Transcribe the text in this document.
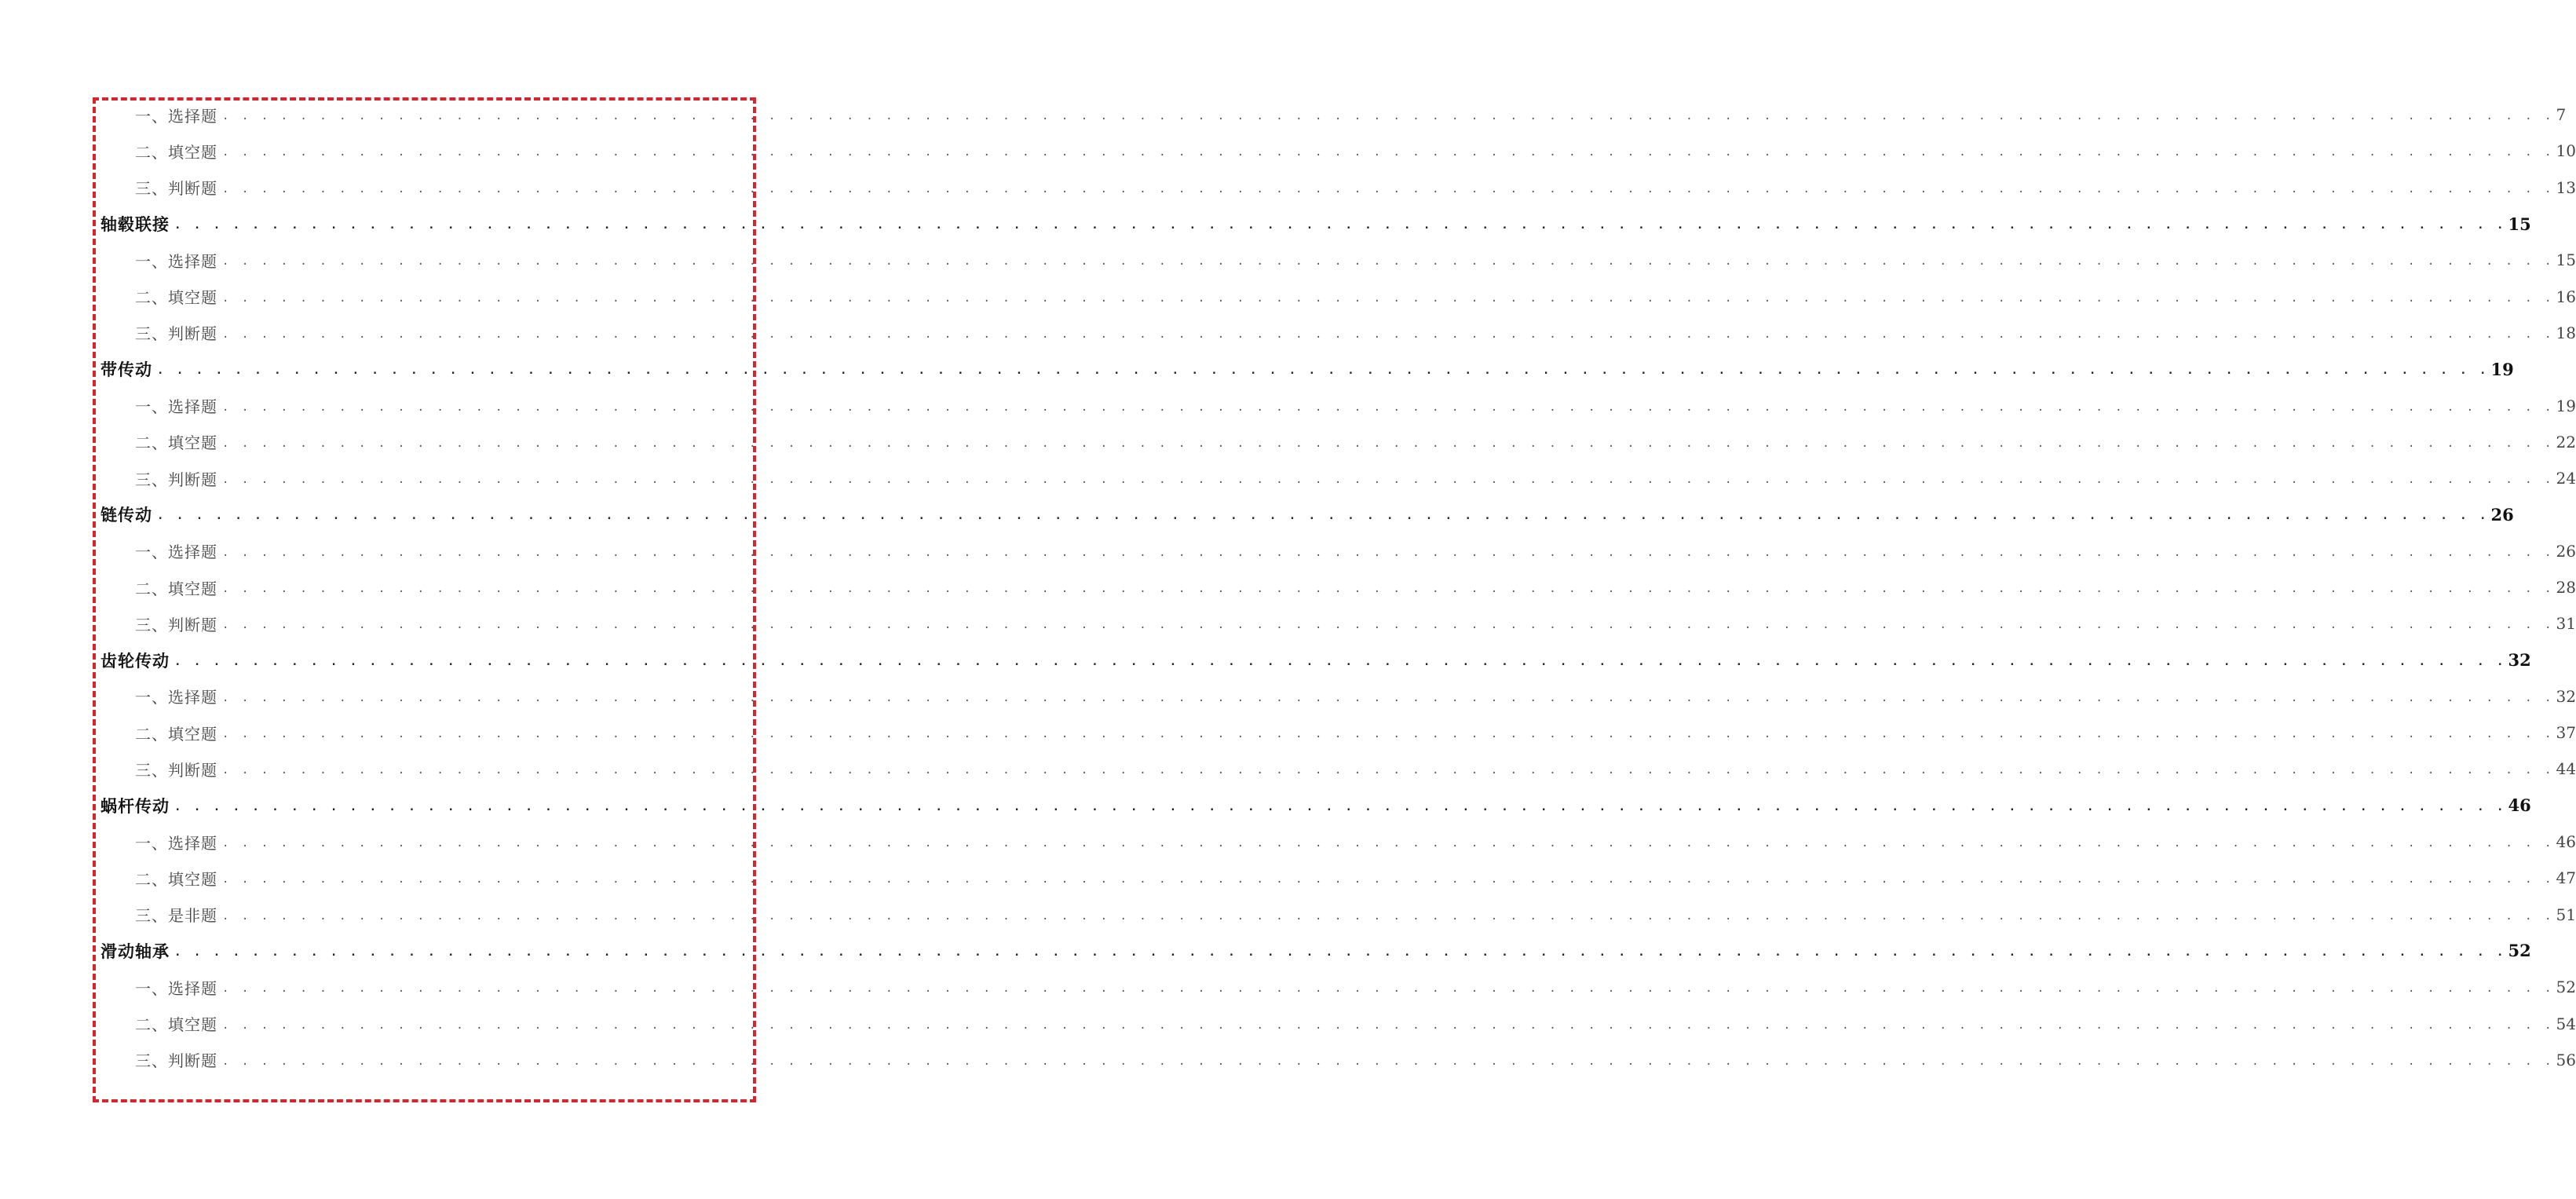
一、选择题 . . . . . . . . . . . . . . . . . . . . . . . . . . . . . . . . . . . . . . . . . . . . . . . . . . . . . . . . . . . . . . . . . . . . . . . . . . . . . . . . . . . . . . . . . . . . . . . . . . . . . . . . . . . . . . . . . . . . . . . . 7
二、填空题 . . . . . . . . . . . . . . . . . . . . . . . . . . . . . . . . . . . . . . . . . . . . . . . . . . . . . . . . . . . . . . . . . . . . . . . . . . . . . . . . . . . . . . . . . . . . . . . . . . . . . . . . . . . . . . . . . . . . . . . . 10
三、判断题 . . . . . . . . . . . . . . . . . . . . . . . . . . . . . . . . . . . . . . . . . . . . . . . . . . . . . . . . . . . . . . . . . . . . . . . . . . . . . . . . . . . . . . . . . . . . . . . . . . . . . . . . . . . . . . . . . . . . . . . . 13
轴毂联接 . . . . . . . . . . . . . . . . . . . . . . . . . . . . . . . . . . . . . . . . . . . . . . . . . . . . . . . . . . . . . . . . . . . . . . . . . . . . . . . . . . . . . . . . . . . . . . . . . . . . . . . . . . . . . . . . . . . . . . . . 15
一、选择题 . . . . . . . . . . . . . . . . . . . . . . . . . . . . . . . . . . . . . . . . . . . . . . . . . . . . . . . . . . . . . . . . . . . . . . . . . . . . . . . . . . . . . . . . . . . . . . . . . . . . . . . . . . . . . . . . . . . . . . . . 15
二、填空题 . . . . . . . . . . . . . . . . . . . . . . . . . . . . . . . . . . . . . . . . . . . . . . . . . . . . . . . . . . . . . . . . . . . . . . . . . . . . . . . . . . . . . . . . . . . . . . . . . . . . . . . . . . . . . . . . . . . . . . . . 16
三、判断题 . . . . . . . . . . . . . . . . . . . . . . . . . . . . . . . . . . . . . . . . . . . . . . . . . . . . . . . . . . . . . . . . . . . . . . . . . . . . . . . . . . . . . . . . . . . . . . . . . . . . . . . . . . . . . . . . . . . . . . . . 18
带传动 . . . . . . . . . . . . . . . . . . . . . . . . . . . . . . . . . . . . . . . . . . . . . . . . . . . . . . . . . . . . . . . . . . . . . . . . . . . . . . . . . . . . . . . . . . . . . . . . . . . . . . . . . . . . . . . . . . . . . . . . 19
一、选择题 . . . . . . . . . . . . . . . . . . . . . . . . . . . . . . . . . . . . . . . . . . . . . . . . . . . . . . . . . . . . . . . . . . . . . . . . . . . . . . . . . . . . . . . . . . . . . . . . . . . . . . . . . . . . . . . . . . . . . . . . 19
二、填空题 . . . . . . . . . . . . . . . . . . . . . . . . . . . . . . . . . . . . . . . . . . . . . . . . . . . . . . . . . . . . . . . . . . . . . . . . . . . . . . . . . . . . . . . . . . . . . . . . . . . . . . . . . . . . . . . . . . . . . . . . 22
三、判断题 . . . . . . . . . . . . . . . . . . . . . . . . . . . . . . . . . . . . . . . . . . . . . . . . . . . . . . . . . . . . . . . . . . . . . . . . . . . . . . . . . . . . . . . . . . . . . . . . . . . . . . . . . . . . . . . . . . . . . . . . 24
链传动 . . . . . . . . . . . . . . . . . . . . . . . . . . . . . . . . . . . . . . . . . . . . . . . . . . . . . . . . . . . . . . . . . . . . . . . . . . . . . . . . . . . . . . . . . . . . . . . . . . . . . . . . . . . . . . . . . . . . . . . . 26
一、选择题 . . . . . . . . . . . . . . . . . . . . . . . . . . . . . . . . . . . . . . . . . . . . . . . . . . . . . . . . . . . . . . . . . . . . . . . . . . . . . . . . . . . . . . . . . . . . . . . . . . . . . . . . . . . . . . . . . . . . . . . . 26
二、填空题 . . . . . . . . . . . . . . . . . . . . . . . . . . . . . . . . . . . . . . . . . . . . . . . . . . . . . . . . . . . . . . . . . . . . . . . . . . . . . . . . . . . . . . . . . . . . . . . . . . . . . . . . . . . . . . . . . . . . . . . . 28
三、判断题 . . . . . . . . . . . . . . . . . . . . . . . . . . . . . . . . . . . . . . . . . . . . . . . . . . . . . . . . . . . . . . . . . . . . . . . . . . . . . . . . . . . . . . . . . . . . . . . . . . . . . . . . . . . . . . . . . . . . . . . . 31
齿轮传动 . . . . . . . . . . . . . . . . . . . . . . . . . . . . . . . . . . . . . . . . . . . . . . . . . . . . . . . . . . . . . . . . . . . . . . . . . . . . . . . . . . . . . . . . . . . . . . . . . . . . . . . . . . . . . . . . . . . . . . . . 32
一、选择题 . . . . . . . . . . . . . . . . . . . . . . . . . . . . . . . . . . . . . . . . . . . . . . . . . . . . . . . . . . . . . . . . . . . . . . . . . . . . . . . . . . . . . . . . . . . . . . . . . . . . . . . . . . . . . . . . . . . . . . . . 32
二、填空题 . . . . . . . . . . . . . . . . . . . . . . . . . . . . . . . . . . . . . . . . . . . . . . . . . . . . . . . . . . . . . . . . . . . . . . . . . . . . . . . . . . . . . . . . . . . . . . . . . . . . . . . . . . . . . . . . . . . . . . . . 37
三、判断题 . . . . . . . . . . . . . . . . . . . . . . . . . . . . . . . . . . . . . . . . . . . . . . . . . . . . . . . . . . . . . . . . . . . . . . . . . . . . . . . . . . . . . . . . . . . . . . . . . . . . . . . . . . . . . . . . . . . . . . . . 44
蜗杆传动 . . . . . . . . . . . . . . . . . . . . . . . . . . . . . . . . . . . . . . . . . . . . . . . . . . . . . . . . . . . . . . . . . . . . . . . . . . . . . . . . . . . . . . . . . . . . . . . . . . . . . . . . . . . . . . . . . . . . . . . . 46
一、选择题 . . . . . . . . . . . . . . . . . . . . . . . . . . . . . . . . . . . . . . . . . . . . . . . . . . . . . . . . . . . . . . . . . . . . . . . . . . . . . . . . . . . . . . . . . . . . . . . . . . . . . . . . . . . . . . . . . . . . . . . . 46
二、填空题 . . . . . . . . . . . . . . . . . . . . . . . . . . . . . . . . . . . . . . . . . . . . . . . . . . . . . . . . . . . . . . . . . . . . . . . . . . . . . . . . . . . . . . . . . . . . . . . . . . . . . . . . . . . . . . . . . . . . . . . . 47
三、是非题 . . . . . . . . . . . . . . . . . . . . . . . . . . . . . . . . . . . . . . . . . . . . . . . . . . . . . . . . . . . . . . . . . . . . . . . . . . . . . . . . . . . . . . . . . . . . . . . . . . . . . . . . . . . . . . . . . . . . . . . . 51
滑动轴承 . . . . . . . . . . . . . . . . . . . . . . . . . . . . . . . . . . . . . . . . . . . . . . . . . . . . . . . . . . . . . . . . . . . . . . . . . . . . . . . . . . . . . . . . . . . . . . . . . . . . . . . . . . . . . . . . . . . . . . . . 52
一、选择题 . . . . . . . . . . . . . . . . . . . . . . . . . . . . . . . . . . . . . . . . . . . . . . . . . . . . . . . . . . . . . . . . . . . . . . . . . . . . . . . . . . . . . . . . . . . . . . . . . . . . . . . . . . . . . . . . . . . . . . . . 52
二、填空题 . . . . . . . . . . . . . . . . . . . . . . . . . . . . . . . . . . . . . . . . . . . . . . . . . . . . . . . . . . . . . . . . . . . . . . . . . . . . . . . . . . . . . . . . . . . . . . . . . . . . . . . . . . . . . . . . . . . . . . . . 54
三、判断题 . . . . . . . . . . . . . . . . . . . . . . . . . . . . . . . . . . . . . . . . . . . . . . . . . . . . . . . . . . . . . . . . . . . . . . . . . . . . . . . . . . . . . . . . . . . . . . . . . . . . . . . . . . . . . . . . . . . . . . . . 56
